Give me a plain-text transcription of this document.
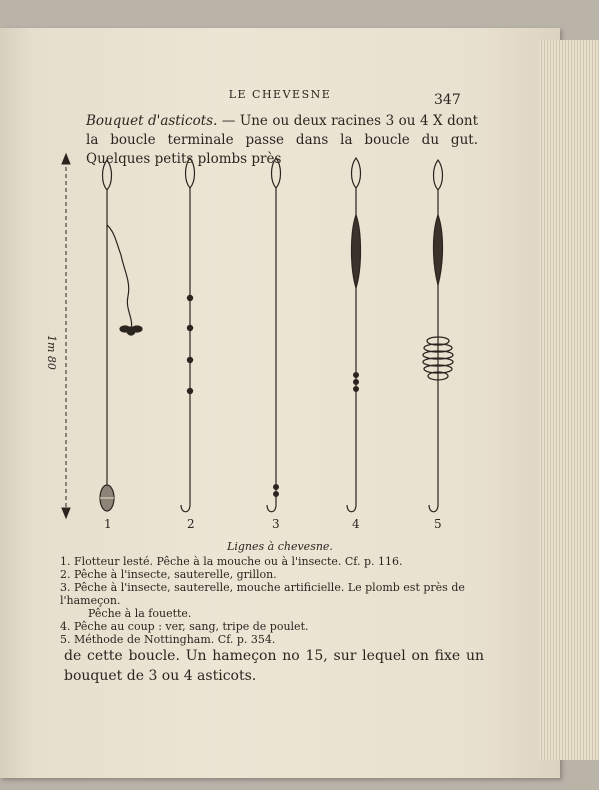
LE CHEVESNE	347
Bouquet d'asticots. — Une ou deux racines 3 ou 4 X dont la boucle terminale passe dans la boucle du gut. Quelques petits plombs près
1m 80
1	2	3	4	5
Lignes à chevesne.
1. Flotteur lesté. Pêche à la mouche ou à l'insecte. Cf. p. 116.
2. Pêche à l'insecte, sauterelle, grillon.
3. Pêche à l'insecte, sauterelle, mouche artificielle. Le plomb est près de l'hameçon.
Pêche à la fouette.
4. Pêche au coup : ver, sang, tripe de poulet.
5. Méthode de Nottingham. Cf. p. 354.
de cette boucle. Un hameçon no 15, sur lequel on fixe un bouquet de 3 ou 4 asticots.
